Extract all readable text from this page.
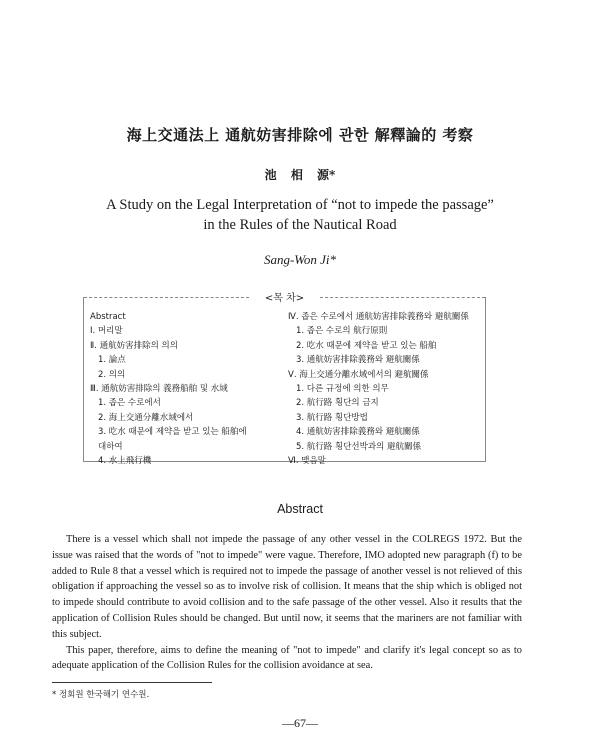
海上交通法上 通航妨害排除에 관한 解釋論的 考察
池 相 源*
A Study on the Legal Interpretation of “not to impede the passage”
in the Rules of the Nautical Road
Sang-Won Ji*
<목 차>
Abstract
Ⅰ. 머리말
Ⅱ. 通航妨害排除의 의의
1. 論点
2. 의의
Ⅲ. 通航妨害排除의 義務船舶 및 水域
1. 좁은 수로에서
2. 海上交通分離水域에서
3. 吃水 때문에 제약을 받고 있는 船舶에
대하여
4. 水上飛行機
Ⅳ. 좁은 수로에서 通航妨害排除義務와 避航關係
1. 좁은 수로의 航行原則
2. 吃水 때문에 제약을 받고 있는 船舶
3. 通航妨害排除義務와 避航關係
Ⅴ. 海上交通分離水域에서의 避航關係
1. 다른 규정에 의한 의무
2. 航行路 횡단의 금지
3. 航行路 횡단방법
4. 通航妨害排除義務와 避航關係
5. 航行路 횡단선박과의 避航關係
Ⅵ. 맺음말
Abstract

There is a vessel which shall not impede the passage of any other vessel in the COLREGS 1972. But the issue was raised that the words of "not to impede" were vague. Therefore, IMO adopted new paragraph (f) to be added to Rule 8 that a vessel which is required not to impede the passage of another vessel is not relieved of this obligation if approaching the vessel so as to involve risk of collision. It means that the ship which is obliged not to impede should contribute to avoid collision and to the safe passage of the other vessel. Also it results that the application of Collision Rules should be changed. But until now, it seems that the mariners are not familiar with this subject.

This paper, therefore, aims to define the meaning of "not to impede" and clarify it's legal concept so as to adequate application of the Collision Rules for the collision avoidance at sea.

* 정회원 한국해기 연수원.
—67—
